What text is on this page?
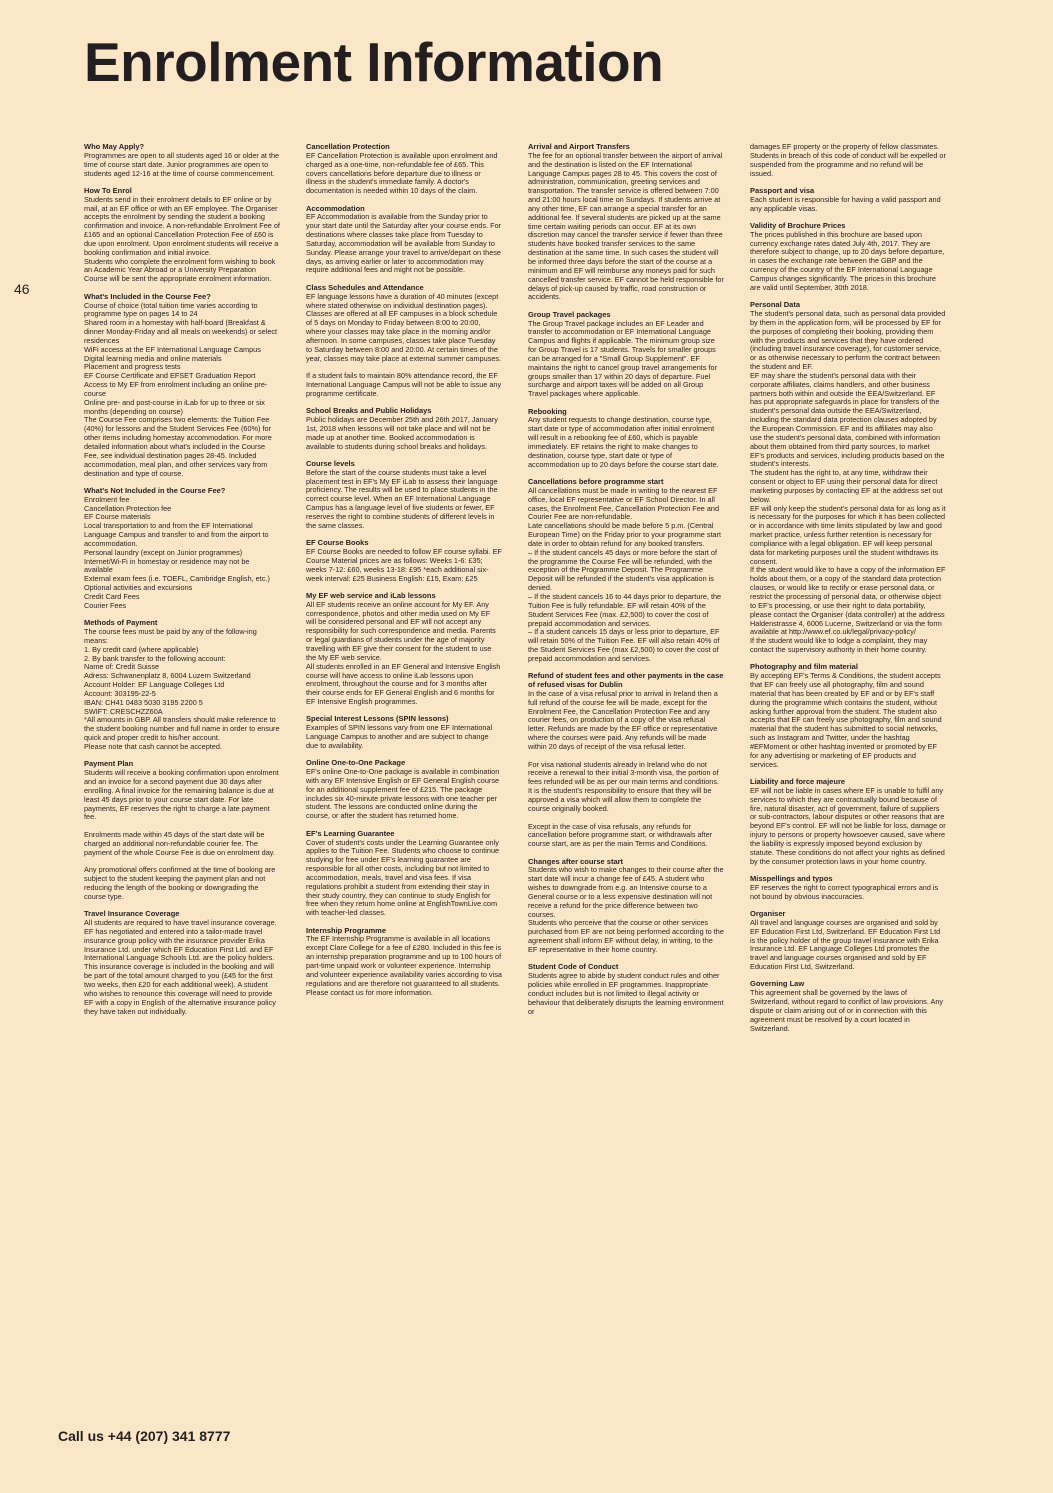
Enrolment Information
46
Who May Apply?

Programmes are open to all students aged 16 or older at the time of course start date. Junior programmes are open to students aged 12-16 at the time of course commencement.

How To Enrol

Students send in their enrolment details to EF online or by mail, at an EF office or with an EF employee. The Organiser accepts the enrolment by sending the student a booking confirmation and invoice. A non-refundable Enrolment Fee of £165 and an optional Cancellation Protection Fee of £60 is due upon enrolment. Upon enrolment students will receive a booking confirmation and initial invoice.

Students who complete the enrolment form wishing to book an Academic Year Abroad or a University Preparation Course will be sent the appropriate enrolment information.

What's Included in the Course Fee?

Course of choice (total tuition time varies according to programme type on pages 14 to 24

Shared room in a homestay with half-board (Breakfast & dinner Monday-Friday and all meals on weekends) or select residences

WiFi access at the EF International Language Campus

Digital learning media and online materials

Placement and progress tests

EF Course Certificate and EFSET Graduation Report

Access to My EF from enrolment including an online pre-course

Online pre- and post-course in iLab for up to three or six months (depending on course)

The Course Fee comprises two elements: the Tuition Fee (40%) for lessons and the Student Services Fee (60%) for other items including homestay accommodation. For more detailed information about what's included in the Course Fee, see individual destination pages 28-45. Included accommodation, meal plan, and other services vary from destination and type of course.

What's Not Included in the Course Fee?

Enrolment fee

Cancellation Protection fee

EF Course materials

Local transportation to and from the EF International Language Campus and transfer to and from the airport to accommodation.

Personal laundry (except on Junior programmes)

Internet/Wi-Fi in homestay or residence may not be available

External exam fees (i.e. TOEFL, Cambridge English, etc.)

Optional activities and excursions

Credit Card Fees

Courier Fees

Methods of Payment

The course fees must be paid by any of the follow-ing means:

1. By credit card (where applicable)

2. By bank transfer to the following account:

Name of: Credit Suisse

Adress: Schwanenplatz 8, 6004 Luzern Switzerland

Account Holder: EF Language Colleges Ltd

Account: 303195-22-5

IBAN: CH41 0483 5030 3195 2200 5

SWIFT: CRESCHZZ60A

*All amounts in GBP. All transfers should make reference to the student booking number and full name in order to ensure quick and proper credit to his/her account.

Please note that cash cannot be accepted.

Payment Plan

Students will receive a booking confirmation upon enrolment and an invoice for a second payment due 30 days after enrolling. A final invoice for the remaining balance is due at least 45 days prior to your course start date. For late payments, EF reserves the right to charge a late payment fee.

Enrolments made within 45 days of the start date will be charged an additional non-refundable courier fee. The payment of the whole Course Fee is due on enrolment day.

Any promotional offers confirmed at the time of booking are subject to the student keeping the payment plan and not reducing the length of the booking or downgrading the course type.

Travel Insurance Coverage

All students are required to have travel insurance coverage. EF has negotiated and entered into a tailor-made travel insurance group policy with the insurance provider Erika Insurance Ltd. under which EF Education First Ltd. and EF International Language Schools Ltd. are the policy holders. This insurance coverage is included in the booking and will be part of the total amount charged to you (£45 for the first two weeks, then £20 for each additional week). A student who wishes to renounce this coverage will need to provide EF with a copy in English of the alternative insurance policy they have taken out individually.

Cancellation Protection

EF Cancellation Protection is available upon enrolment and charged as a one-time, non-refundable fee of £65. This covers cancellations before departure due to illness or illness in the student's immediate family. A doctor's documentation is needed within 10 days of the claim.

Accommodation

EF Accommodation is available from the Sunday prior to your start date until the Saturday after your course ends. For destinations where classes take place from Tuesday to Saturday, accommodation will be available from Sunday to Sunday. Please arrange your travel to arrive/depart on these days, as arriving earlier or later to accommodation may require additional fees and might not be possible.

Class Schedules and Attendance

EF language lessons have a duration of 40 minutes (except where stated otherwise on individual destination pages). Classes are offered at all EF campuses in a block schedule of 5 days on Monday to Friday between 8:00 to 20:00, where your classes may take place in the morning and/or afternoon. In some campuses, classes take place Tuesday to Saturday between 8:00 and 20:00. At certain times of the year, classes may take place at external summer campuses.

If a student fails to maintain 80% attendance record, the EF International Language Campus will not be able to issue any programme certificate.

School Breaks and Public Holidays

Public holidays are December 25th and 26th 2017, January 1st, 2018 when lessons will not take place and will not be made up at another time. Booked accommodation is available to students during school breaks and holidays.

Course levels

Before the start of the course students must take a level placement test in EF's My EF iLab to assess their language proficiency. The results will be used to place students in the correct course level. When an EF International Language Campus has a language level of five students or fewer, EF reserves the right to combine students of different levels in the same classes.

EF Course Books

EF Course Books are needed to follow EF course syllabi. EF Course Material prices are as follows: Weeks 1-6: £35; weeks 7-12: £60, weeks 13-18: £95 *each additional six-week interval: £25 Business English: £15, Exam: £25

My EF web service and iLab lessons

All EF students receive an online account for My EF. Any correspondence, photos and other media used on My EF will be considered personal and EF will not accept any responsibility for such correspondence and media. Parents or legal guardians of students under the age of majority travelling with EF give their consent for the student to use the My EF web service.

All students enrolled in an EF General and Intensive English course will have access to online iLab lessons upon enrolment, throughout the course and for 3 months after their course ends for EF General English and 6 months for EF Intensive English programmes.

Special Interest Lessons (SPIN lessons)

Examples of SPIN lessons vary from one EF International Language Campus to another and are subject to change due to availability.

Online One-to-One Package

EF's online One-to-One package is available in combination with any EF Intensive English or EF General English course for an additional supplement fee of £215. The package includes six 40-minute private lessons with one teacher per student. The lessons are conducted online during the course, or after the student has returned home.

EF's Learning Guarantee

Cover of student's costs under the Learning Guarantee only applies to the Tuition Fee. Students who choose to continue studying for free under EF's learning guarantee are responsible for all other costs, including but not limited to accommodation, meals, travel and visa fees. If visa regulations prohibit a student from extending their stay in their study country, they can continue to study English for free when they return home online at EnglishTownLive.com with teacher-led classes.

Internship Programme

The EF Internship Programme is available in all locations except Clare College for a fee of £280. Included in this fee is an internship preparation programme and up to 100 hours of part-time unpaid work or volunteer experience. Internship and volunteer experience availability varies according to visa regulations and are therefore not guaranteed to all students. Please contact us for more information.

Arrival and Airport Transfers

The fee for an optional transfer between the airport of arrival and the destination is listed on the EF International Language Campus pages 28 to 45. This covers the cost of administration, communication, greeting services and transportation. The transfer service is offered between 7:00 and 21:00 hours local time on Sundays. If students arrive at any other time, EF can arrange a special transfer for an additional fee. If several students are picked up at the same time certain waiting periods can occur. EF at its own discretion may cancel the transfer service if fewer than three students have booked transfer services to the same destination at the same time. In such cases the student will be informed three days before the start of the course at a minimum and EF will reimburse any moneys paid for such cancelled transfer service. EF cannot be held responsible for delays of pick-up caused by traffic, road construction or accidents.

Group Travel packages

The Group Travel package includes an EF Leader and transfer to accommodation or EF International Language Campus and flights if applicable. The minimum group size for Group Travel is 17 students. Travels for smaller groups can be arranged for a "Small Group Supplement". EF maintains the right to cancel group travel arrangements for groups smaller than 17 within 20 days of departure. Fuel surcharge and airport taxes will be added on all Group Travel packages where applicable.

Rebooking

Any student requests to change destination, course type, start date or type of accommodation after initial enrolment will result in a rebooking fee of £60, which is payable immediately. EF retains the right to make changes to destination, course type, start date or type of accommodation up to 20 days before the course start date.

Cancellations before programme start

All cancellations must be made in writing to the nearest EF office, local EF representative or EF School Director. In all cases, the Enrolment Fee, Cancellation Protection Fee and Courier Fee are non-refundable.

Late cancellations should be made before 5 p.m. (Central European Time) on the Friday prior to your programme start date in order to obtain refund for any booked transfers.

– If the student cancels 45 days or more before the start of the programme the Course Fee will be refunded, with the exception of the Programme Deposit. The Programme Deposit will be refunded if the student's visa application is denied.

– If the student cancels 16 to 44 days prior to departure, the Tuition Fee is fully refundable. EF will retain 40% of the Student Services Fee (max. £2,500) to cover the cost of prepaid accommodation and services.

– If a student cancels 15 days or less prior to departure, EF will retain 50% of the Tuition Fee. EF will also retain 40% of the Student Services Fee (max £2,500) to cover the cost of prepaid accommodation and services.

Refund of student fees and other payments in the case of refused visas for Dublin

In the case of a visa refusal prior to arrival in Ireland then a full refund of the course fee will be made, except for the Enrolment Fee, the Cancellation Protection Fee and any courier fees, on production of a copy of the visa refusal letter. Refunds are made by the EF office or representative where the courses were paid. Any refunds will be made within 20 days of receipt of the visa refusal letter.

For visa national students already in Ireland who do not receive a renewal to their initial 3-month visa, the portion of fees refunded will be as per our main terms and conditions. It is the student's responsibility to ensure that they will be approved a visa which will allow them to complete the course originally booked.

Except in the case of visa refusals, any refunds for cancellation before programme start, or withdrawals after course start, are as per the main Terms and Conditions.

Changes after course start

Students who wish to make changes to their course after the start date will incur a change fee of £45. A student who wishes to downgrade from e.g. an Intensive course to a General course or to a less expensive destination will not receive a refund for the price difference between two courses.

Students who perceive that the course or other services purchased from EF are not being performed according to the agreement shall inform EF without delay, in writing, to the EF representative in their home country.

Student Code of Conduct

Students agree to abide by student conduct rules and other policies while enrolled in EF programmes. Inappropriate conduct includes but is not limited to illegal activity or behaviour that deliberately disrupts the learning environment or

damages EF property or the property of fellow classmates. Students in breach of this code of conduct will be expelled or suspended from the programme and no refund will be issued.

Passport and visa

Each student is responsible for having a valid passport and any applicable visas.

Validity of Brochure Prices

The prices published in this brochure are based upon currency exchange rates dated July 4th, 2017. They are therefore subject to change, up to 20 days before departure, in cases the exchange rate between the GBP and the currency of the country of the EF International Language Campus changes significantly. The prices in this brochure are valid until September, 30th 2018.

Personal Data

The student's personal data, such as personal data provided by them in the application form, will be processed by EF for the purposes of completing their booking, providing them with the products and services that they have ordered (including travel insurance coverage), for customer service, or as otherwise necessary to perform the contract between the student and EF.

EF may share the student's personal data with their corporate affiliates, claims handlers, and other business partners both within and outside the EEA/Switzerland. EF has put appropriate safeguards in place for transfers of the student's personal data outside the EEA/Switzerland, including the standard data protection clauses adopted by the European Commission. EF and its affiliates may also use the student's personal data, combined with information about them obtained from third party sources, to market EF's products and services, including products based on the student's interests.

The student has the right to, at any time, withdraw their consent or object to EF using their personal data for direct marketing purposes by contacting EF at the address set out below.

EF will only keep the student's personal data for as long as it is necessary for the purposes for which it has been collected or in accordance with time limits stipulated by law and good market practice, unless further retention is necessary for compliance with a legal obligation. EF will keep personal data for marketing purposes until the student withdraws its consent.

If the student would like to have a copy of the information EF holds about them, or a copy of the standard data protection clauses, or would like to rectify or erase personal data, or restrict the processing of personal data, or otherwise object to EF's processing, or use their right to data portability, please contact the Organiser (data controller) at the address Haldenstrasse 4, 6006 Lucerne, Switzerland or via the form available at http://www.ef.co.uk/legal/privacy-policy/

If the student would like to lodge a complaint, they may contact the supervisory authority in their home country.

Photography and film material

By accepting EF's Terms & Conditions, the student accepts that EF can freely use all photography, film and sound material that has been created by EF and or by EF's staff during the programme which contains the student, without asking further approval from the student. The student also accepts that EF can freely use photography, film and sound material that the student has submitted to social networks, such as Instagram and Twitter, under the hashtag #EFMoment or other hashtag invented or promoted by EF for any advertising or marketing of EF products and services.

Liability and force majeure

EF will not be liable in cases where EF is unable to fulfil any services to which they are contractually bound because of fire, natural disaster, act of government, failure of suppliers or sub-contractors, labour disputes or other reasons that are beyond EF's control. EF will not be liable for loss, damage or injury to persons or property howsoever caused, save where the liability is expressly imposed beyond exclusion by statute. These conditions do not affect your rights as defined by the consumer protection laws in your home country.

Misspellings and typos

EF reserves the right to correct typographical errors and is not bound by obvious inaccuracies.

Organiser

All travel and language courses are organised and sold by EF Education First Ltd, Switzerland. EF Education First Ltd is the policy holder of the group travel insurance with Erika Insurance Ltd. EF Language Colleges Ltd promotes the travel and language courses organised and sold by EF Education First Ltd, Switzerland.

Governing Law

This agreement shall be governed by the laws of Switzerland, without regard to conflict of law provisions. Any dispute or claim arising out of or in connection with this agreement must be resolved by a court located in Switzerland.

Call us +44 (207) 341 8777
